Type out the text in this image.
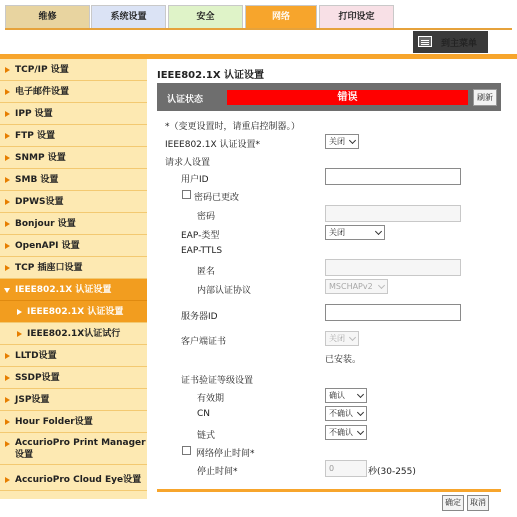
维修	系统设置	安全	网络	打印设定
到主菜单
TCP/IP 设置
电子邮件设置
IPP 设置
FTP 设置
SNMP 设置
SMB 设置
DPWS设置
Bonjour 设置
OpenAPI 设置
TCP 插座口设置
IEEE802.1X 认证设置
IEEE802.1X 认证设置
IEEE802.1X认证试行
LLTD设置
SSDP设置
JSP设置
Hour Folder设置
AccurioPro Print Manager 设置
AccurioPro Cloud Eye设置
IEEE802.1X 认证设置
认证状态	错误	刷新
*（变更设置时，请重启控制器。）
IEEE802.1X 认证设置*	关闭
请求人设置
用户ID
密码已更改
密码
EAP-类型	关闭
EAP-TTLS
匿名
内部认证协议	MSCHAPv2
服务器ID
客户端证书	关闭
已安装。
证书验证等级设置
有效期	确认
CN	不确认
链式	不确认
网络停止时间*
停止时间*	0	秒(30-255)
确定	取消
